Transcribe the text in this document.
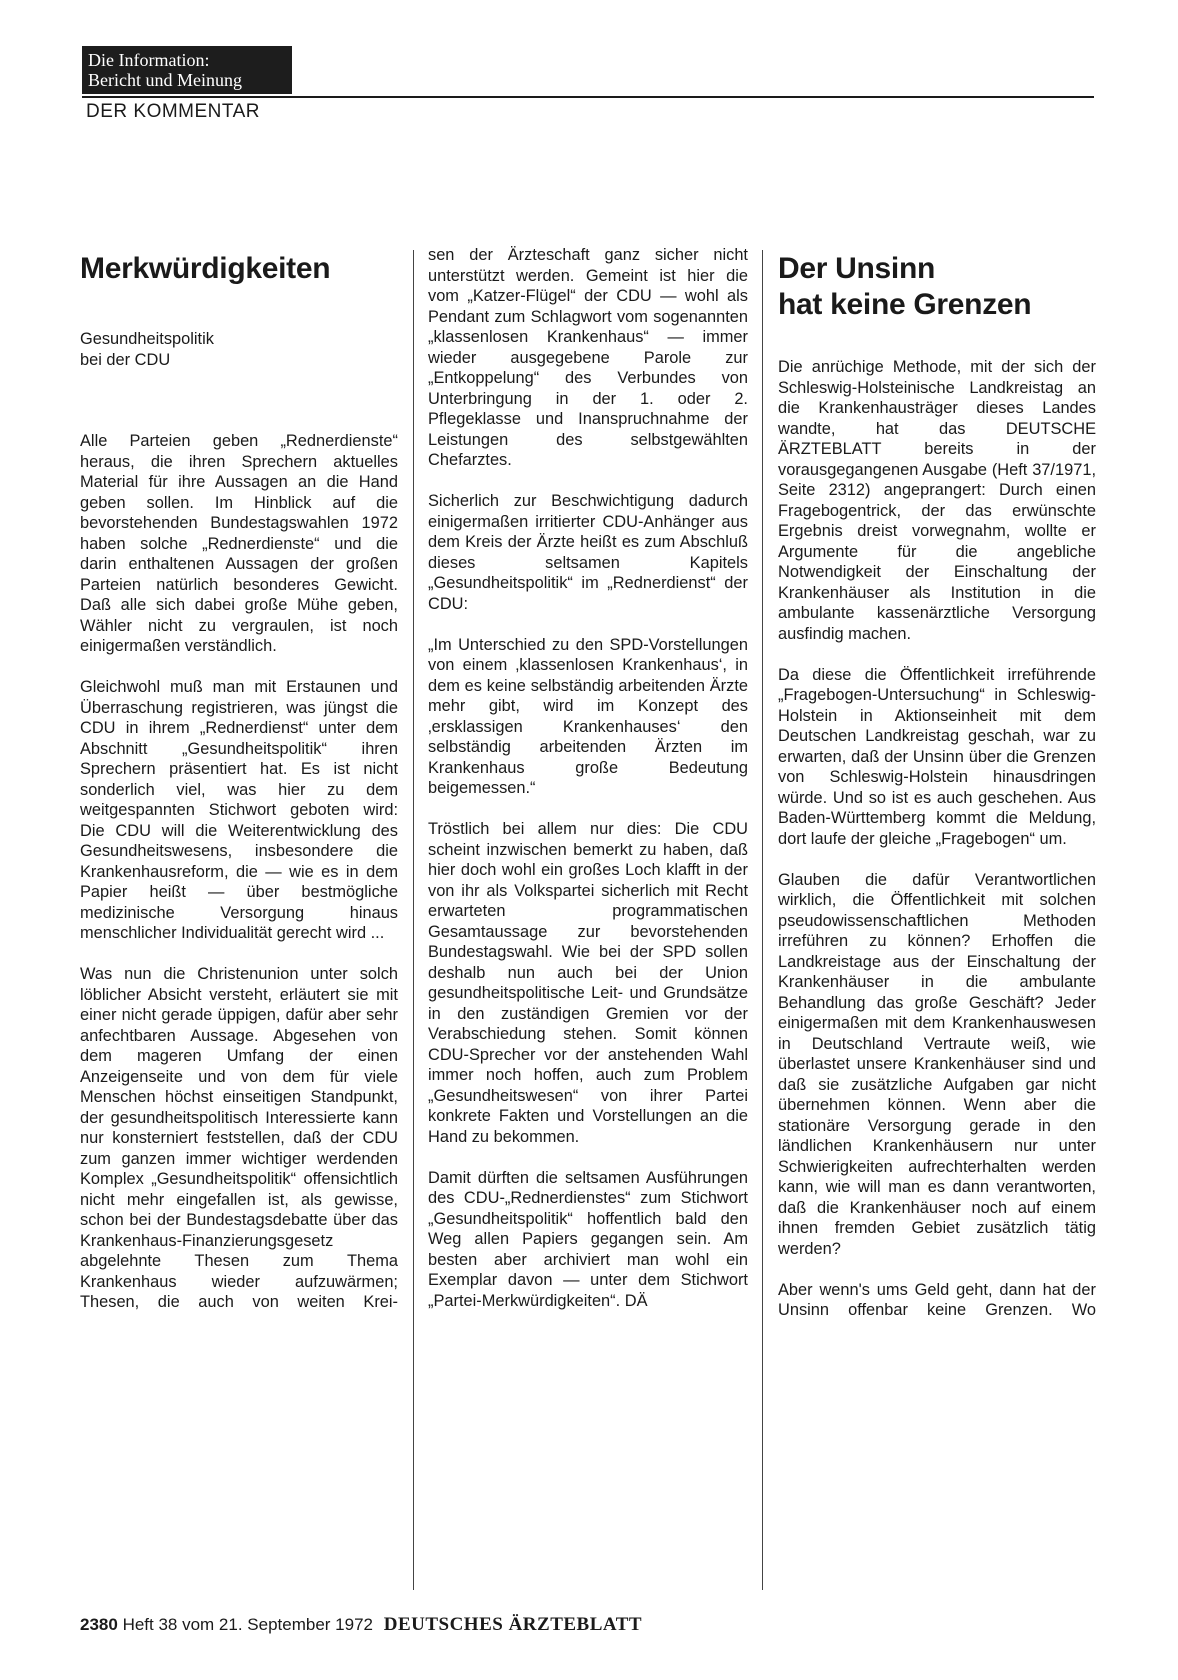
Die Information:
Bericht und Meinung
DER KOMMENTAR
Merkwürdigkeiten
Gesundheitspolitik
bei der CDU

Alle Parteien geben „Rednerdienste“ heraus, die ihren Sprechern aktuelles Material für ihre Aussagen an die Hand geben sollen. Im Hinblick auf die bevorstehenden Bundestagswahlen 1972 haben solche „Rednerdienste“ und die darin enthaltenen Aussagen der großen Parteien natürlich besonderes Gewicht. Daß alle sich dabei große Mühe geben, Wähler nicht zu vergraulen, ist noch einigermaßen verständlich.

Gleichwohl muß man mit Erstaunen und Überraschung registrieren, was jüngst die CDU in ihrem „Rednerdienst“ unter dem Abschnitt „Gesundheitspolitik“ ihren Sprechern präsentiert hat. Es ist nicht sonderlich viel, was hier zu dem weitgespannten Stichwort geboten wird: Die CDU will die Weiterentwicklung des Gesundheitswesens, insbesondere die Krankenhausreform, die — wie es in dem Papier heißt — über bestmögliche medizinische Versorgung hinaus menschlicher Individualität gerecht wird ...

Was nun die Christenunion unter solch löblicher Absicht versteht, erläutert sie mit einer nicht gerade üppigen, dafür aber sehr anfechtbaren Aussage. Abgesehen von dem mageren Umfang der einen Anzeigenseite und von dem für viele Menschen höchst einseitigen Standpunkt, der gesundheitspolitisch Interessierte kann nur konsterniert feststellen, daß der CDU zum ganzen immer wichtiger werdenden Komplex „Gesundheitspolitik“ offensichtlich nicht mehr eingefallen ist, als gewisse, schon bei der Bundestagsdebatte über das Krankenhaus-Finanzierungsgesetz abgelehnte Thesen zum Thema Krankenhaus wieder aufzuwärmen; Thesen, die auch von weiten Krei-

sen der Ärzteschaft ganz sicher nicht unterstützt werden. Gemeint ist hier die vom „Katzer-Flügel“ der CDU — wohl als Pendant zum Schlagwort vom sogenannten „klassenlosen Krankenhaus“ — immer wieder ausgegebene Parole zur „Entkoppelung“ des Verbundes von Unterbringung in der 1. oder 2. Pflegeklasse und Inanspruchnahme der Leistungen des selbstgewählten Chefarztes.

Sicherlich zur Beschwichtigung dadurch einigermaßen irritierter CDU-Anhänger aus dem Kreis der Ärzte heißt es zum Abschluß dieses seltsamen Kapitels „Gesundheitspolitik“ im „Rednerdienst“ der CDU:

„Im Unterschied zu den SPD-Vorstellungen von einem ‚klassenlosen Krankenhaus‘, in dem es keine selbständig arbeitenden Ärzte mehr gibt, wird im Konzept des ‚ersklassigen Krankenhauses‘ den selbständig arbeitenden Ärzten im Krankenhaus große Bedeutung beigemessen.“

Tröstlich bei allem nur dies: Die CDU scheint inzwischen bemerkt zu haben, daß hier doch wohl ein großes Loch klafft in der von ihr als Volkspartei sicherlich mit Recht erwarteten programmatischen Gesamtaussage zur bevorstehenden Bundestagswahl. Wie bei der SPD sollen deshalb nun auch bei der Union gesundheitspolitische Leit- und Grundsätze in den zuständigen Gremien vor der Verabschiedung stehen. Somit können CDU-Sprecher vor der anstehenden Wahl immer noch hoffen, auch zum Problem „Gesundheitswesen“ von ihrer Partei konkrete Fakten und Vorstellungen an die Hand zu bekommen.

Damit dürften die seltsamen Ausführungen des CDU-„Rednerdienstes“ zum Stichwort „Gesundheitspolitik“ hoffentlich bald den Weg allen Papiers gegangen sein. Am besten aber archiviert man wohl ein Exemplar davon — unter dem Stichwort „Partei-Merkwürdigkeiten“. DÄ

Der Unsinn
hat keine Grenzen

Die anrüchige Methode, mit der sich der Schleswig-Holsteinische Landkreistag an die Krankenhausträger dieses Landes wandte, hat das DEUTSCHE ÄRZTEBLATT bereits in der vorausgegangenen Ausgabe (Heft 37/1971, Seite 2312) angeprangert: Durch einen Fragebogentrick, der das erwünschte Ergebnis dreist vorwegnahm, wollte er Argumente für die angebliche Notwendigkeit der Einschaltung der Krankenhäuser als Institution in die ambulante kassenärztliche Versorgung ausfindig machen.

Da diese die Öffentlichkeit irreführende „Fragebogen-Untersuchung“ in Schleswig-Holstein in Aktionseinheit mit dem Deutschen Landkreistag geschah, war zu erwarten, daß der Unsinn über die Grenzen von Schleswig-Holstein hinausdringen würde. Und so ist es auch geschehen. Aus Baden-Württemberg kommt die Meldung, dort laufe der gleiche „Fragebogen“ um.

Glauben die dafür Verantwortlichen wirklich, die Öffentlichkeit mit solchen pseudowissenschaftlichen Methoden irreführen zu können? Erhoffen die Landkreistage aus der Einschaltung der Krankenhäuser in die ambulante Behandlung das große Geschäft? Jeder einigermaßen mit dem Krankenhauswesen in Deutschland Vertraute weiß, wie überlastet unsere Krankenhäuser sind und daß sie zusätzliche Aufgaben gar nicht übernehmen können. Wenn aber die stationäre Versorgung gerade in den ländlichen Krankenhäusern nur unter Schwierigkeiten aufrechterhalten werden kann, wie will man es dann verantworten, daß die Krankenhäuser noch auf einem ihnen fremden Gebiet zusätzlich tätig werden?

Aber wenn's ums Geld geht, dann hat der Unsinn offenbar keine Grenzen. Wo

2380 Heft 38 vom 21. September 1972 DEUTSCHES ÄRZTEBLATT
